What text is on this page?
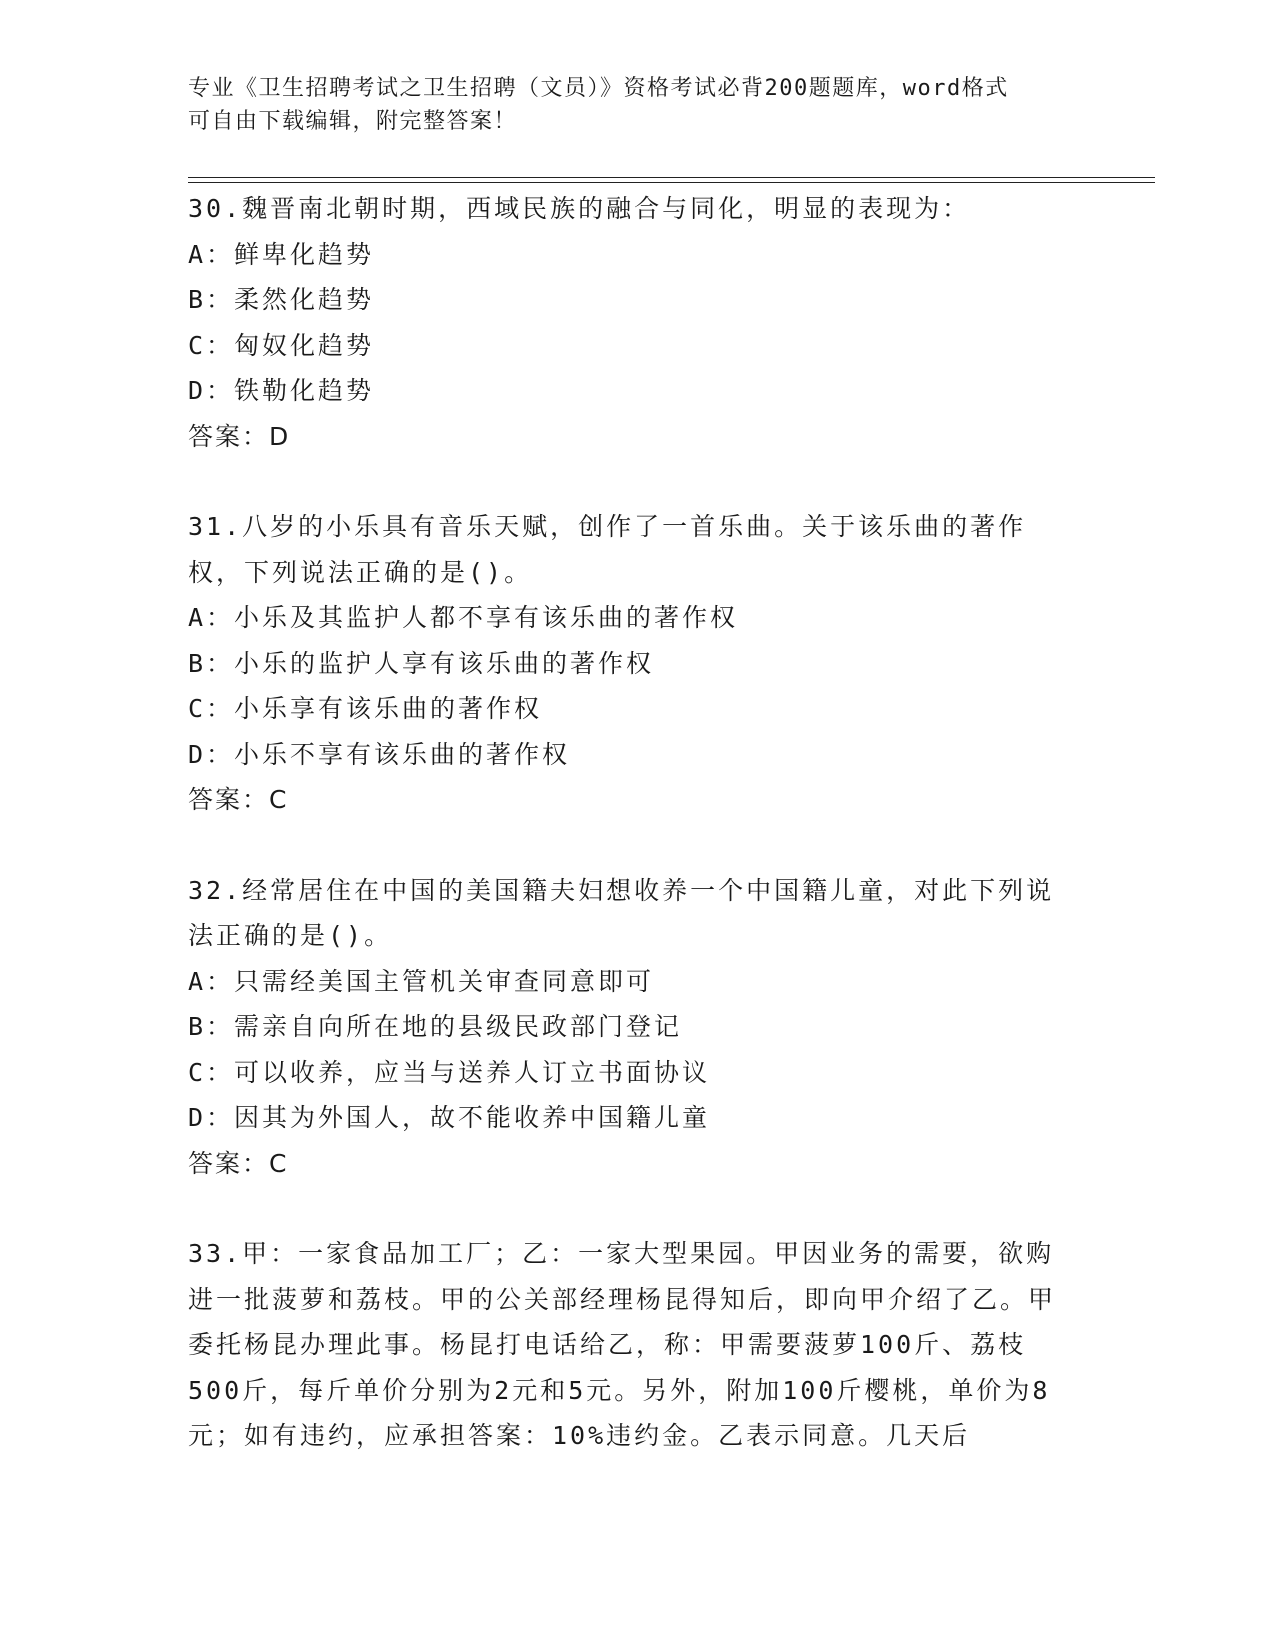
专业《卫生招聘考试之卫生招聘（文员）》资格考试必背200题题库，word格式
可自由下载编辑，附完整答案！
30.魏晋南北朝时期，西域民族的融合与同化，明显的表现为：
A：鲜卑化趋势
B：柔然化趋势
C：匈奴化趋势
D：铁勒化趋势
答案：D
31.八岁的小乐具有音乐天赋，创作了一首乐曲。关于该乐曲的著作权，下列说法正确的是()。
A：小乐及其监护人都不享有该乐曲的著作权
B：小乐的监护人享有该乐曲的著作权
C：小乐享有该乐曲的著作权
D：小乐不享有该乐曲的著作权
答案：C
32.经常居住在中国的美国籍夫妇想收养一个中国籍儿童，对此下列说法正确的是()。
A：只需经美国主管机关审查同意即可
B：需亲自向所在地的县级民政部门登记
C：可以收养，应当与送养人订立书面协议
D：因其为外国人，故不能收养中国籍儿童
答案：C
33.甲：一家食品加工厂；乙：一家大型果园。甲因业务的需要，欲购进一批菠萝和荔枝。甲的公关部经理杨昆得知后，即向甲介绍了乙。甲委托杨昆办理此事。杨昆打电话给乙，称：甲需要菠萝100斤、荔枝500斤，每斤单价分别为2元和5元。另外，附加100斤樱桃，单价为8元；如有违约，应承担答案：10%违约金。乙表示同意。几天后
